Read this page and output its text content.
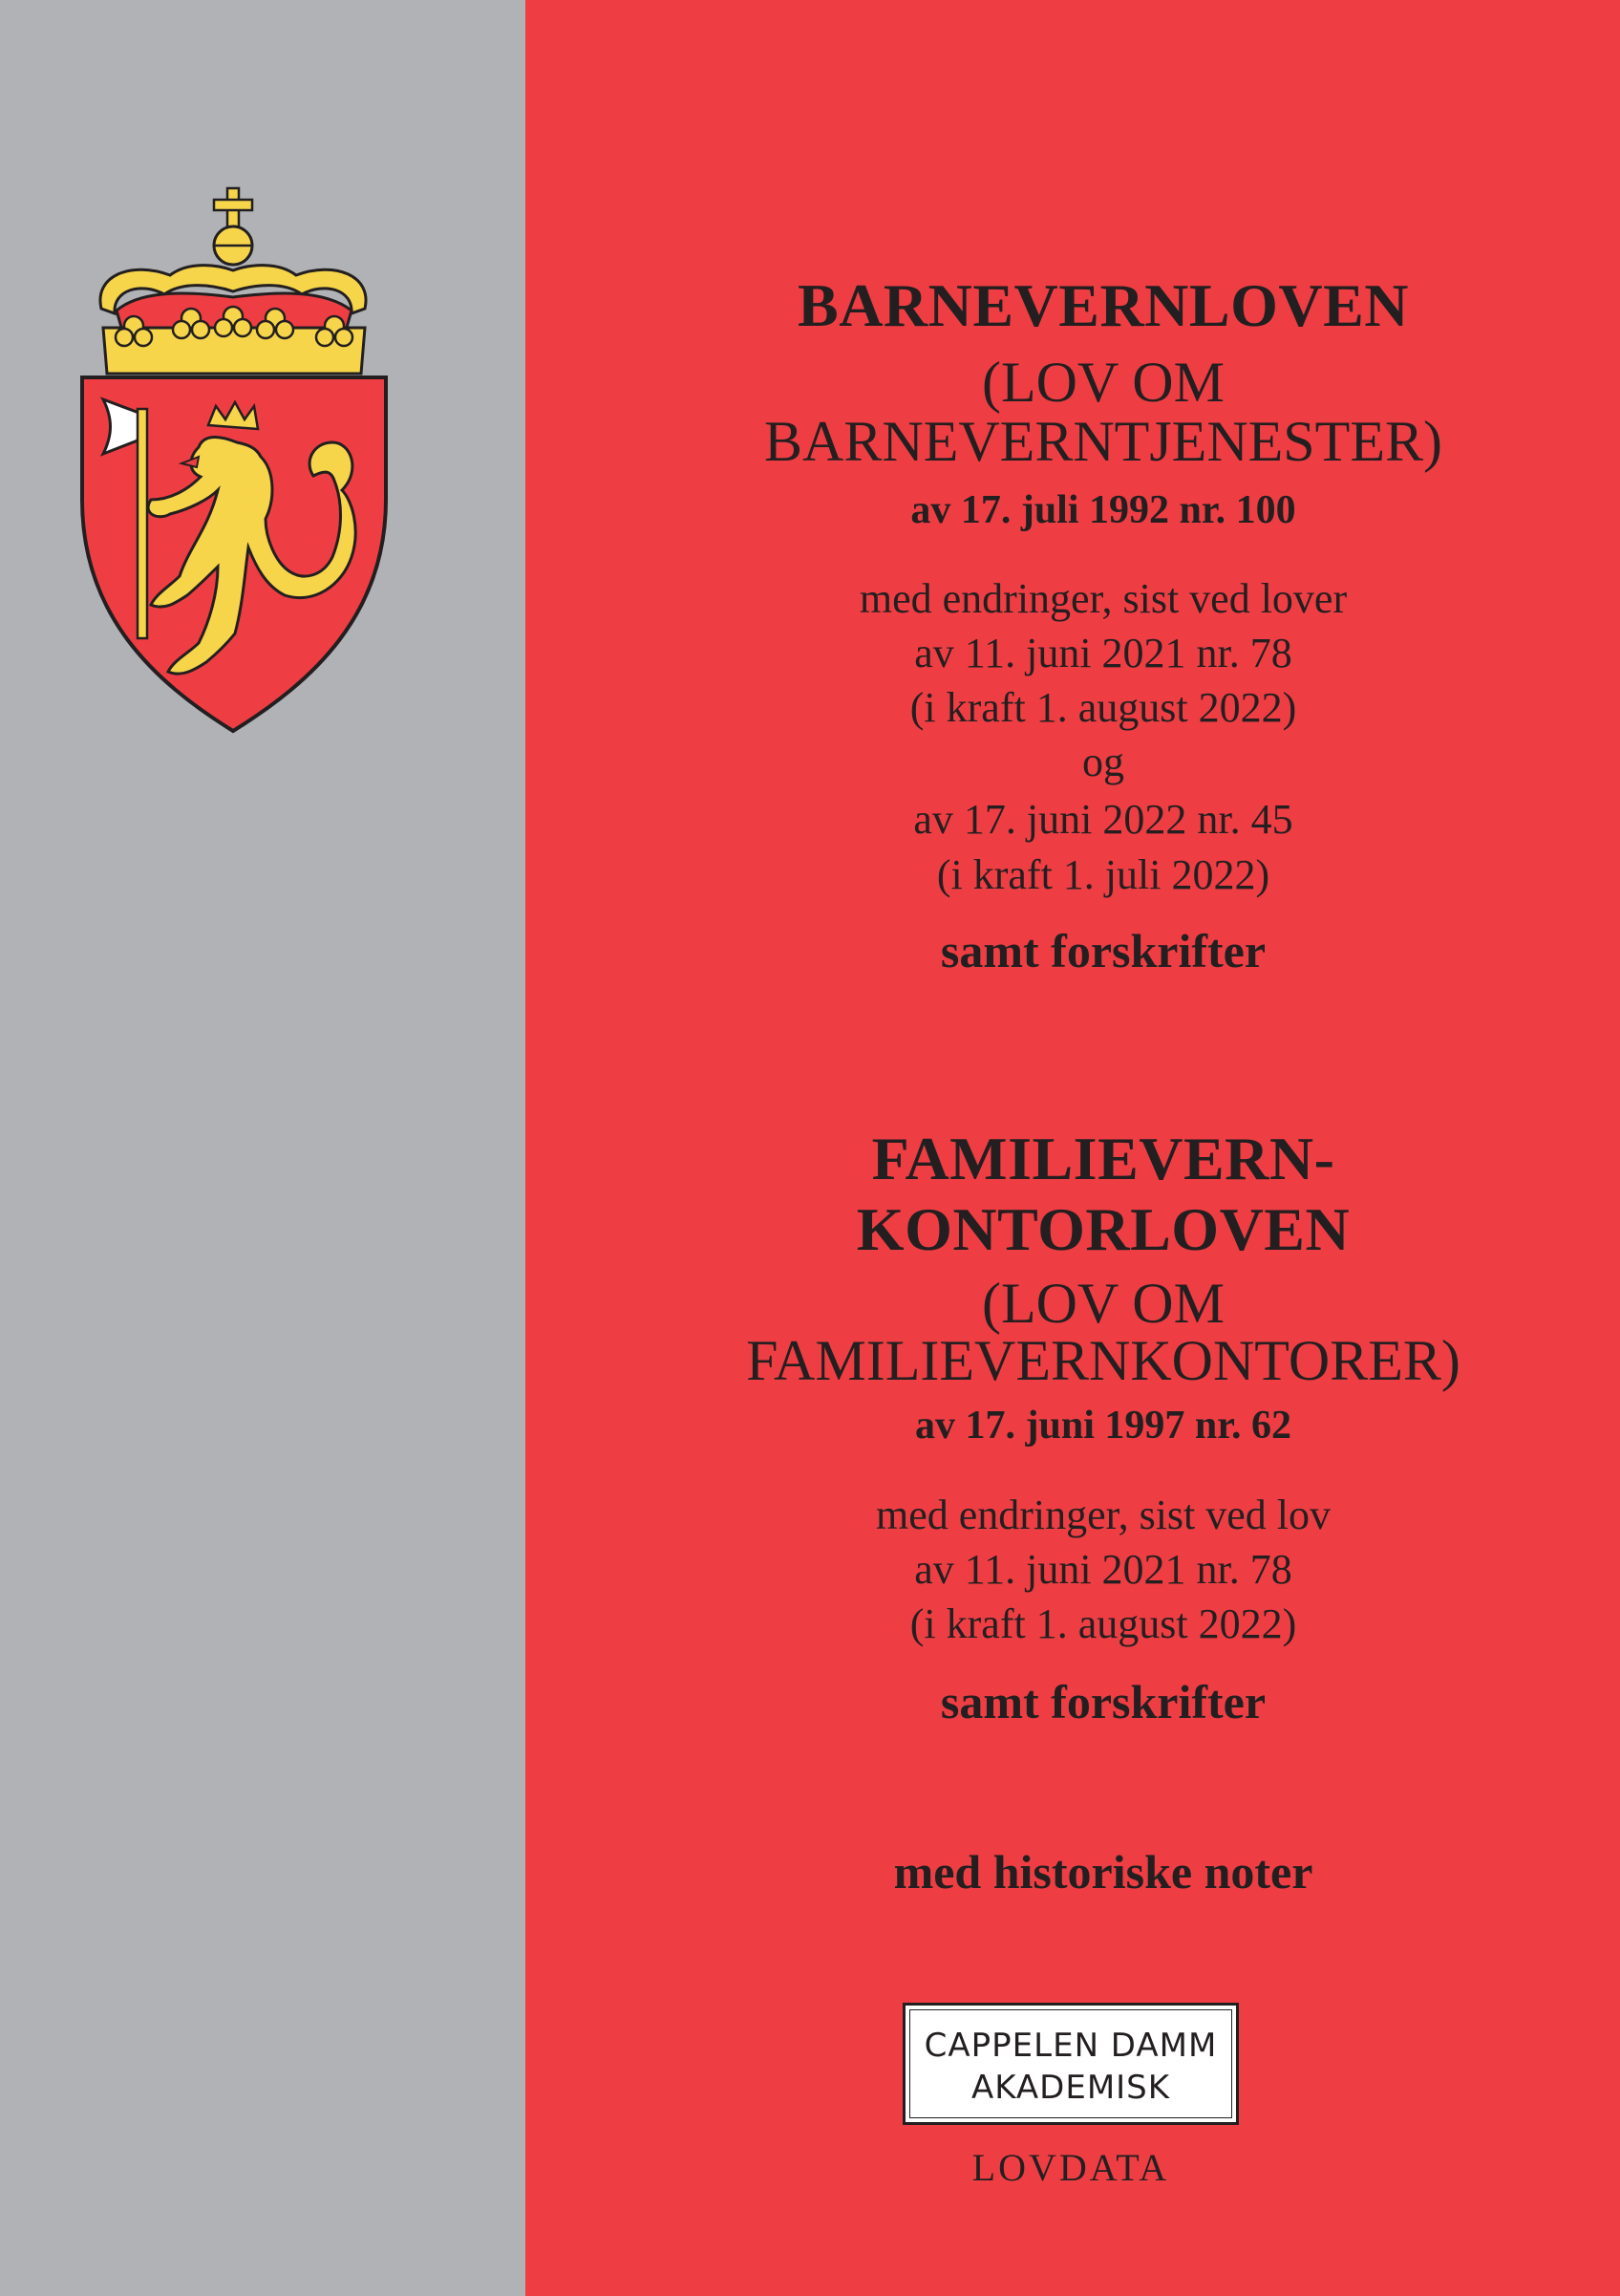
BARNEVERNLOVEN
(LOV OM
BARNEVERNTJENESTER)
av 17. juli 1992 nr. 100
med endringer, sist ved lover
av 11. juni 2021 nr. 78
(i kraft 1. august 2022)
og
av 17. juni 2022 nr. 45
(i kraft 1. juli 2022)
samt forskrifter
FAMILIEVERN-
KONTORLOVEN
(LOV OM
FAMILIEVERNKONTORER)
av 17. juni 1997 nr. 62
med endringer, sist ved lov
av 11. juni 2021 nr. 78
(i kraft 1. august 2022)
samt forskrifter
med historiske noter
CAPPELEN DAMM
AKADEMISK
LOVDATA
